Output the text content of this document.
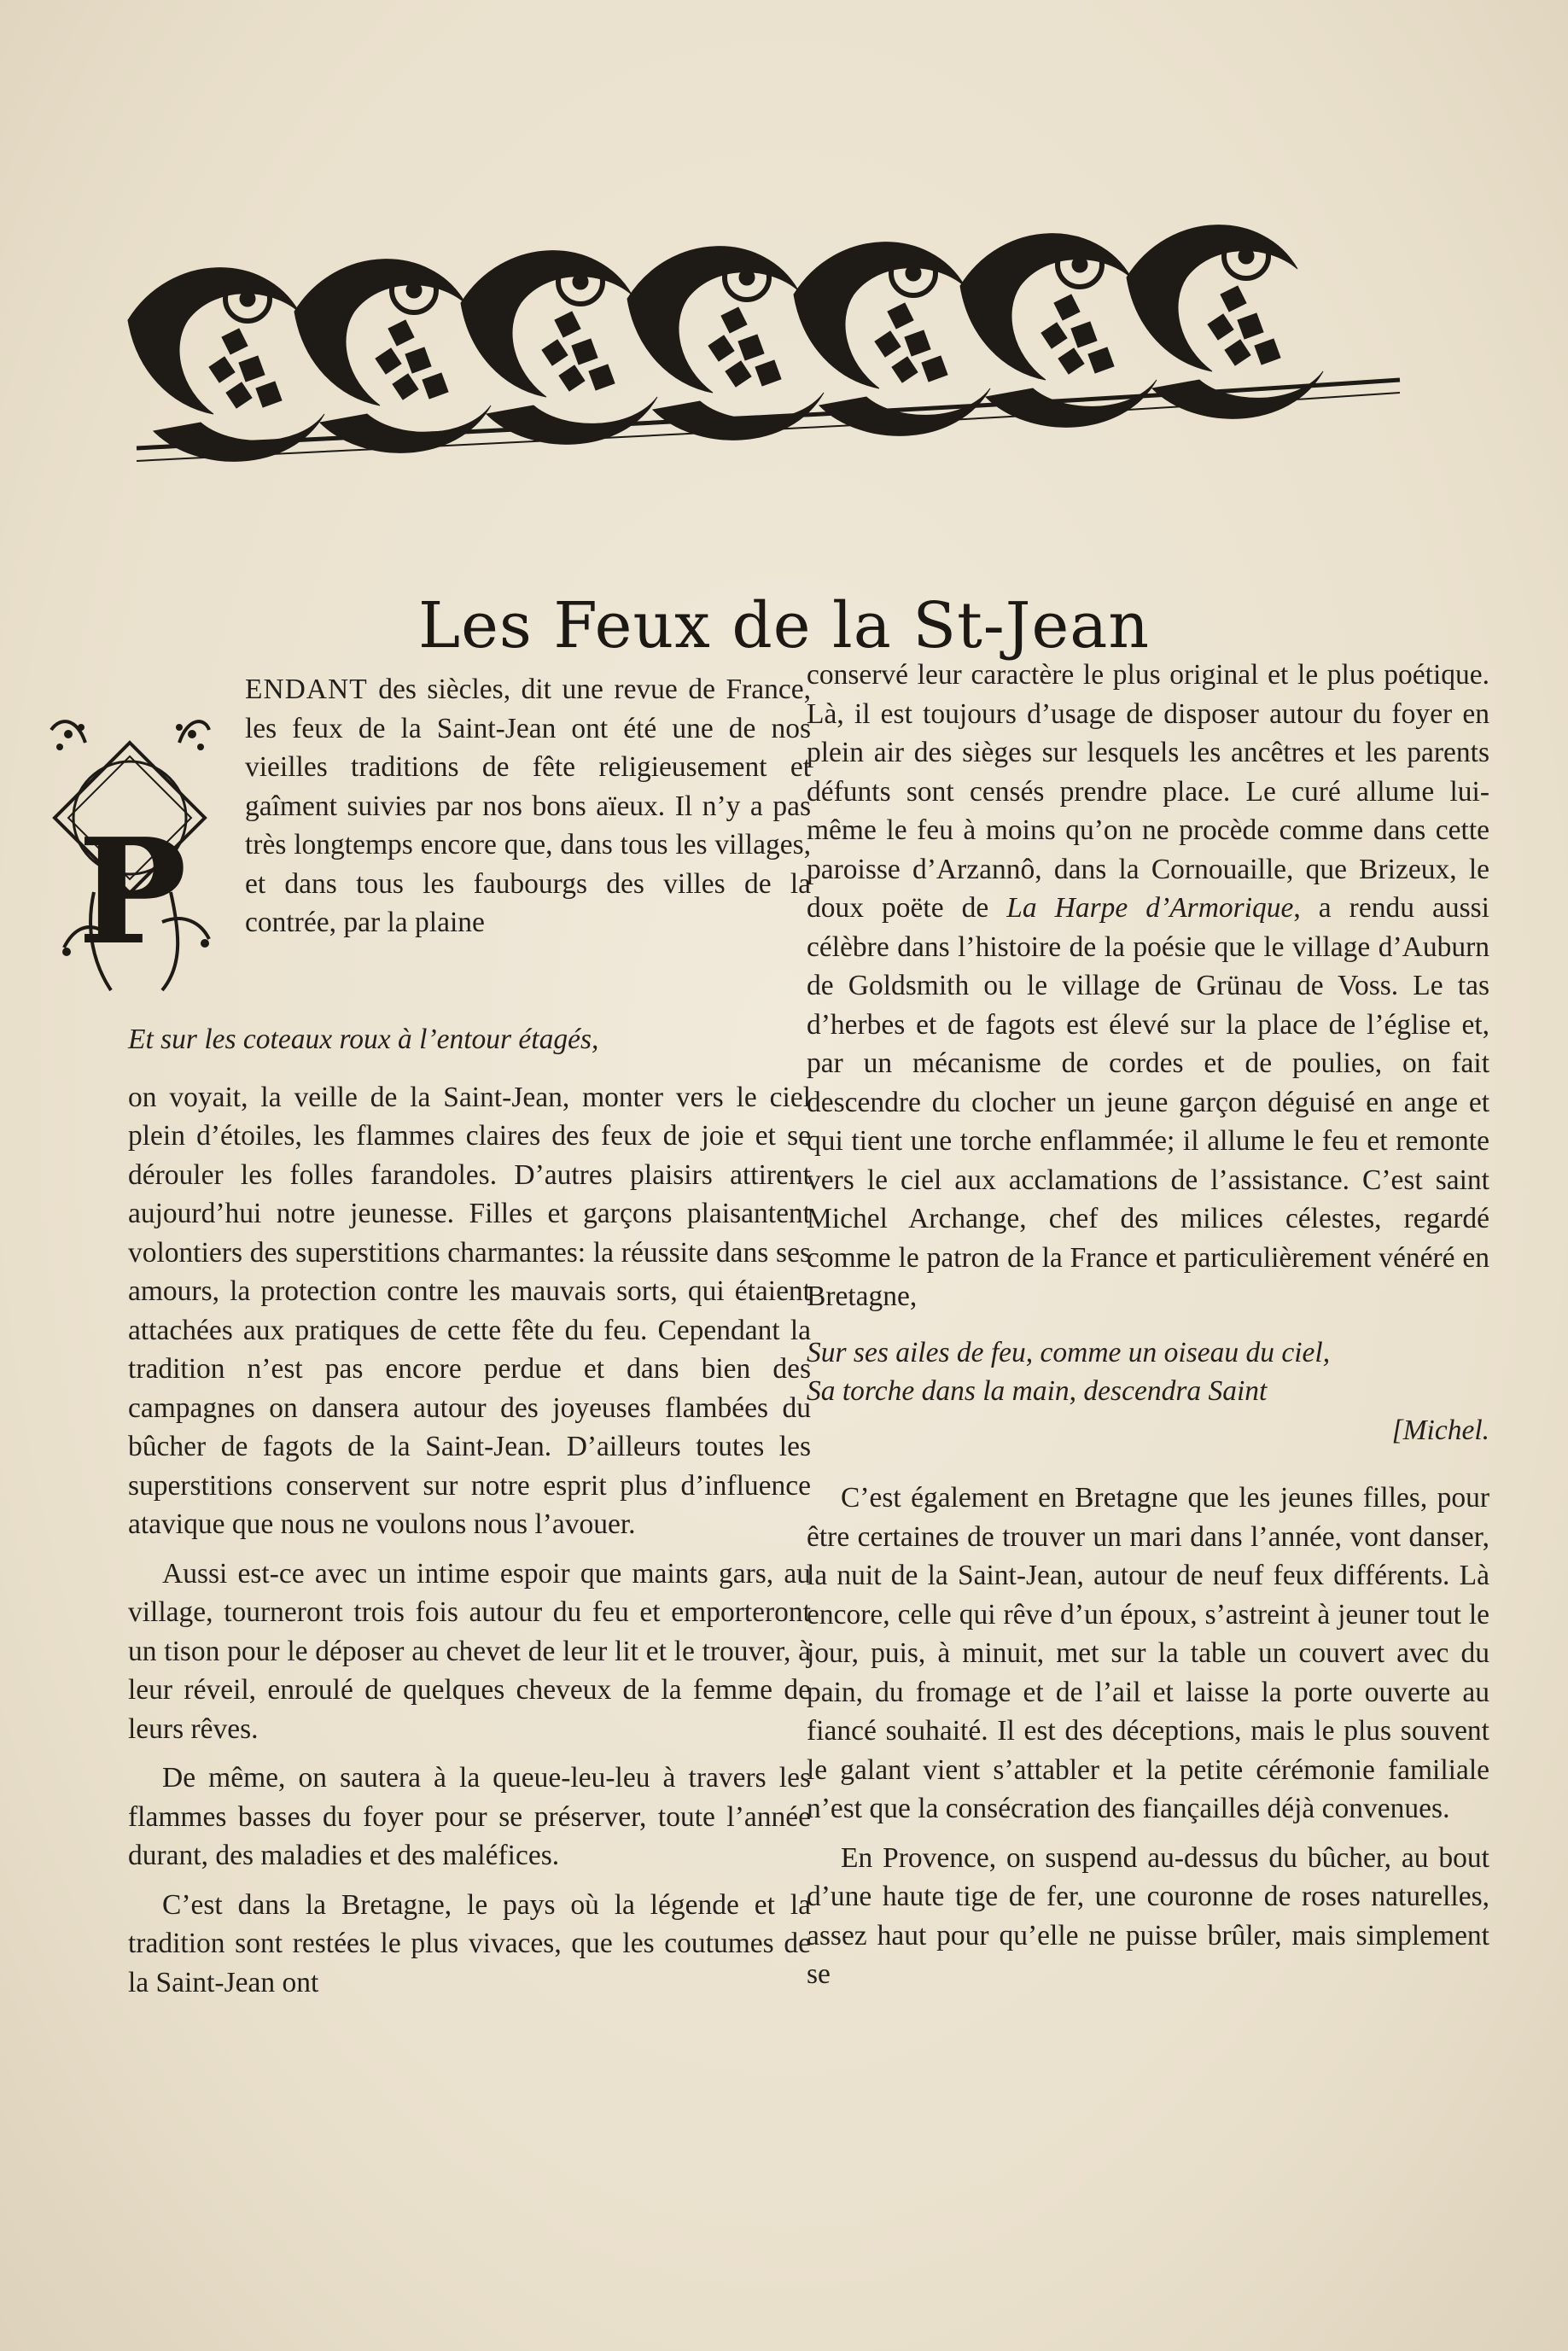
Les Feux de la St-Jean
P

ENDANT des siècles, dit une revue de France, les feux de la Saint-Jean ont été une de nos vieilles traditions de fête religieusement et gaîment suivies par nos bons aïeux. Il n’y a pas très longtemps encore que, dans tous les villages, et dans tous les faubourgs des villes de la contrée, par la plaine

Et sur les coteaux roux à l’entour étagés,

on voyait, la veille de la Saint-Jean, monter vers le ciel plein d’étoiles, les flammes claires des feux de joie et se dérouler les folles farandoles. D’autres plaisirs attirent aujourd’hui notre jeunesse. Filles et garçons plaisantent volontiers des superstitions charmantes: la réussite dans ses amours, la protection contre les mauvais sorts, qui étaient attachées aux pratiques de cette fête du feu. Cependant la tradition n’est pas encore perdue et dans bien des campagnes on dansera autour des joyeuses flambées du bûcher de fagots de la Saint-Jean. D’ailleurs toutes les superstitions conservent sur notre esprit plus d’influence atavique que nous ne voulons nous l’avouer.

Aussi est-ce avec un intime espoir que maints gars, au village, tourneront trois fois autour du feu et emporteront un tison pour le déposer au chevet de leur lit et le trouver, à leur réveil, enroulé de quelques cheveux de la femme de leurs rêves.

De même, on sautera à la queue-leu-leu à travers les flammes basses du foyer pour se préserver, toute l’année durant, des maladies et des maléfices.

C’est dans la Bretagne, le pays où la légende et la tradition sont restées le plus vivaces, que les coutumes de la Saint-Jean ont

conservé leur caractère le plus original et le plus poétique. Là, il est toujours d’usage de disposer autour du foyer en plein air des sièges sur lesquels les ancêtres et les parents défunts sont censés prendre place. Le curé allume lui-même le feu à moins qu’on ne procède comme dans cette paroisse d’Arzannô, dans la Cornouaille, que Brizeux, le doux poëte de La Harpe d’Armorique, a rendu aussi célèbre dans l’histoire de la poésie que le village d’Auburn de Goldsmith ou le village de Grünau de Voss. Le tas d’herbes et de fagots est élevé sur la place de l’église et, par un mécanisme de cordes et de poulies, on fait descendre du clocher un jeune garçon déguisé en ange et qui tient une torche enflammée; il allume le feu et remonte vers le ciel aux acclamations de l’assistance. C’est saint Michel Archange, chef des milices célestes, regardé comme le patron de la France et particulièrement vénéré en Bretagne,

Sur ses ailes de feu, comme un oiseau du ciel,
Sa torche dans la main, descendra Saint
[Michel.

C’est également en Bretagne que les jeunes filles, pour être certaines de trouver un mari dans l’année, vont danser, la nuit de la Saint-Jean, autour de neuf feux différents. Là encore, celle qui rêve d’un époux, s’astreint à jeuner tout le jour, puis, à minuit, met sur la table un couvert avec du pain, du fromage et de l’ail et laisse la porte ouverte au fiancé souhaité. Il est des déceptions, mais le plus souvent le galant vient s’attabler et la petite cérémonie familiale n’est que la consécration des fiançailles déjà convenues.

En Provence, on suspend au-dessus du bûcher, au bout d’une haute tige de fer, une couronne de roses naturelles, assez haut pour qu’elle ne puisse brûler, mais simplement se
